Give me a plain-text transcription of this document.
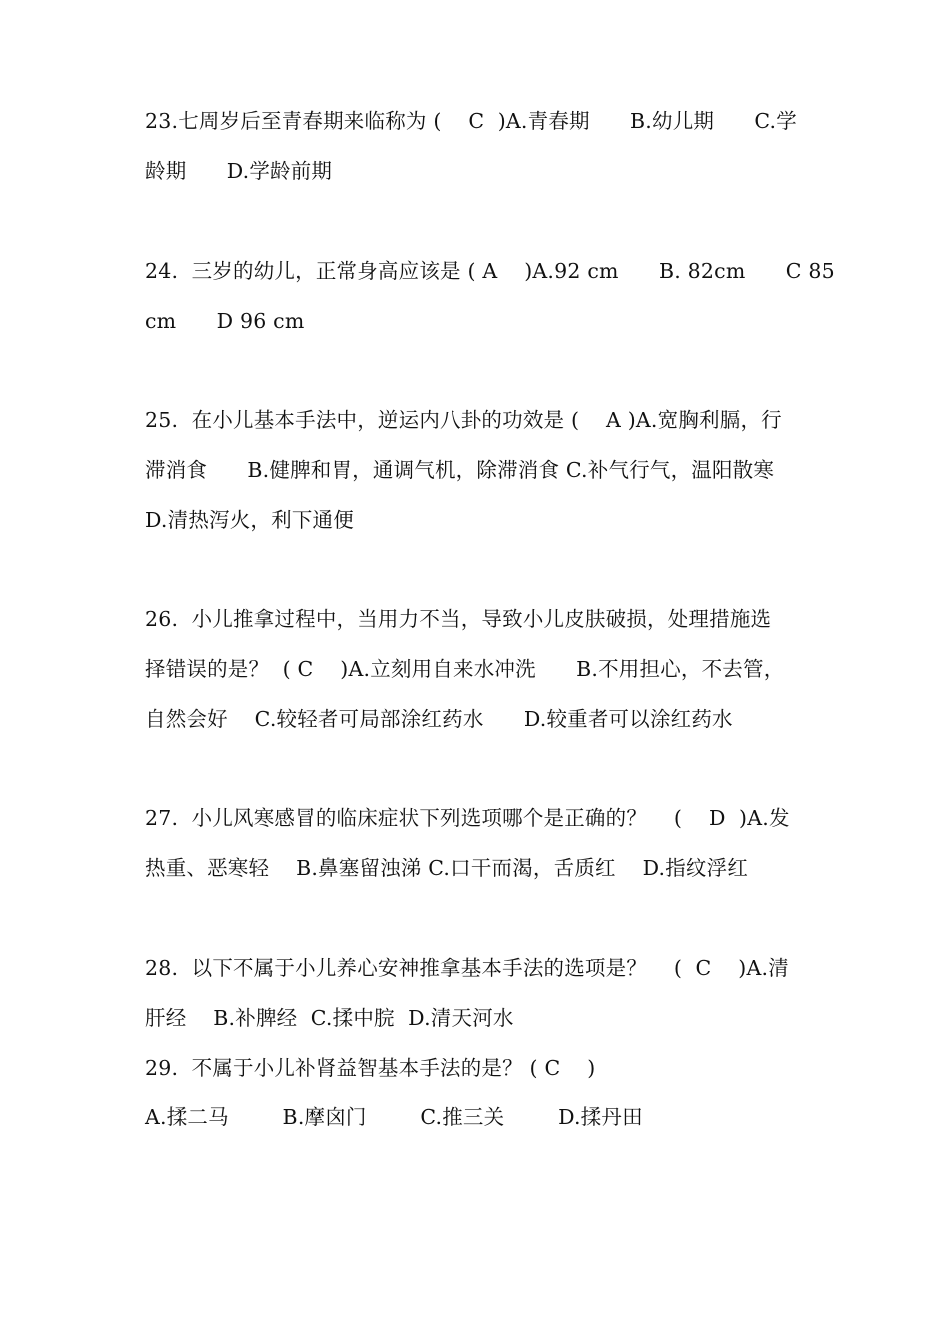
23.七周岁后至青春期来临称为 (    C  )A.青春期      B.幼儿期      C.学
龄期      D.学龄前期
24.  三岁的幼儿，正常身高应该是 ( A    )A.92 cm      B. 82cm      C 85
cm      D 96 cm
25.  在小儿基本手法中，逆运内八卦的功效是 (    A )A.宽胸利膈，行
滞消食      B.健脾和胃，通调气机，除滞消食 C.补气行气，温阳散寒
D.清热泻火，利下通便
26.  小儿推拿过程中，当用力不当，导致小儿皮肤破损，处理措施选
择错误的是？  ( C    )A.立刻用自来水冲洗      B.不用担心，不去管，
自然会好    C.较轻者可局部涂红药水      D.较重者可以涂红药水
27.  小儿风寒感冒的临床症状下列选项哪个是正确的？    (    D  )A.发
热重、恶寒轻    B.鼻塞留浊涕 C.口干而渴，舌质红    D.指纹浮红
28.  以下不属于小儿养心安神推拿基本手法的选项是？    (  C    )A.清
肝经    B.补脾经  C.揉中脘  D.清天河水
29.  不属于小儿补肾益智基本手法的是？ ( C    )
A.揉二马        B.摩囟门        C.推三关        D.揉丹田
